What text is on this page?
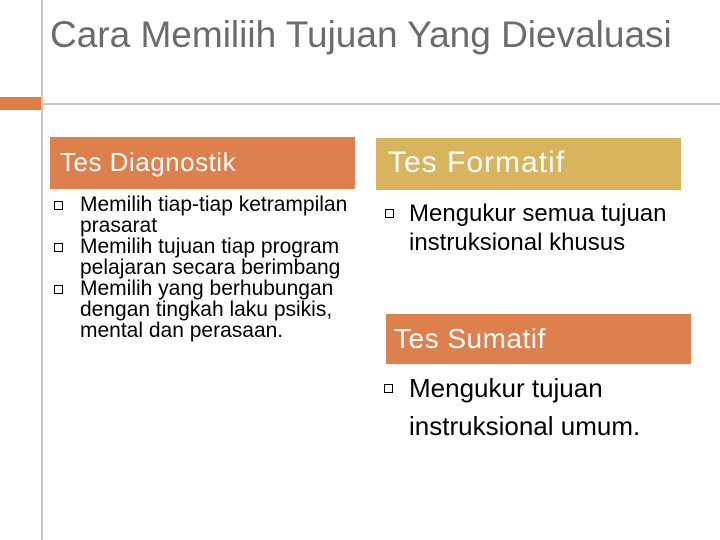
Cara Memiliih Tujuan Yang Dievaluasi
Tes Diagnostik
Memilih tiap-tiap ketrampilan prasarat
Memilih tujuan tiap program pelajaran secara berimbang
Memilih yang berhubungan dengan tingkah laku psikis, mental dan perasaan.
Tes Formatif
Mengukur semua tujuan instruksional khusus
Tes Sumatif
Mengukur tujuan instruksional umum.
